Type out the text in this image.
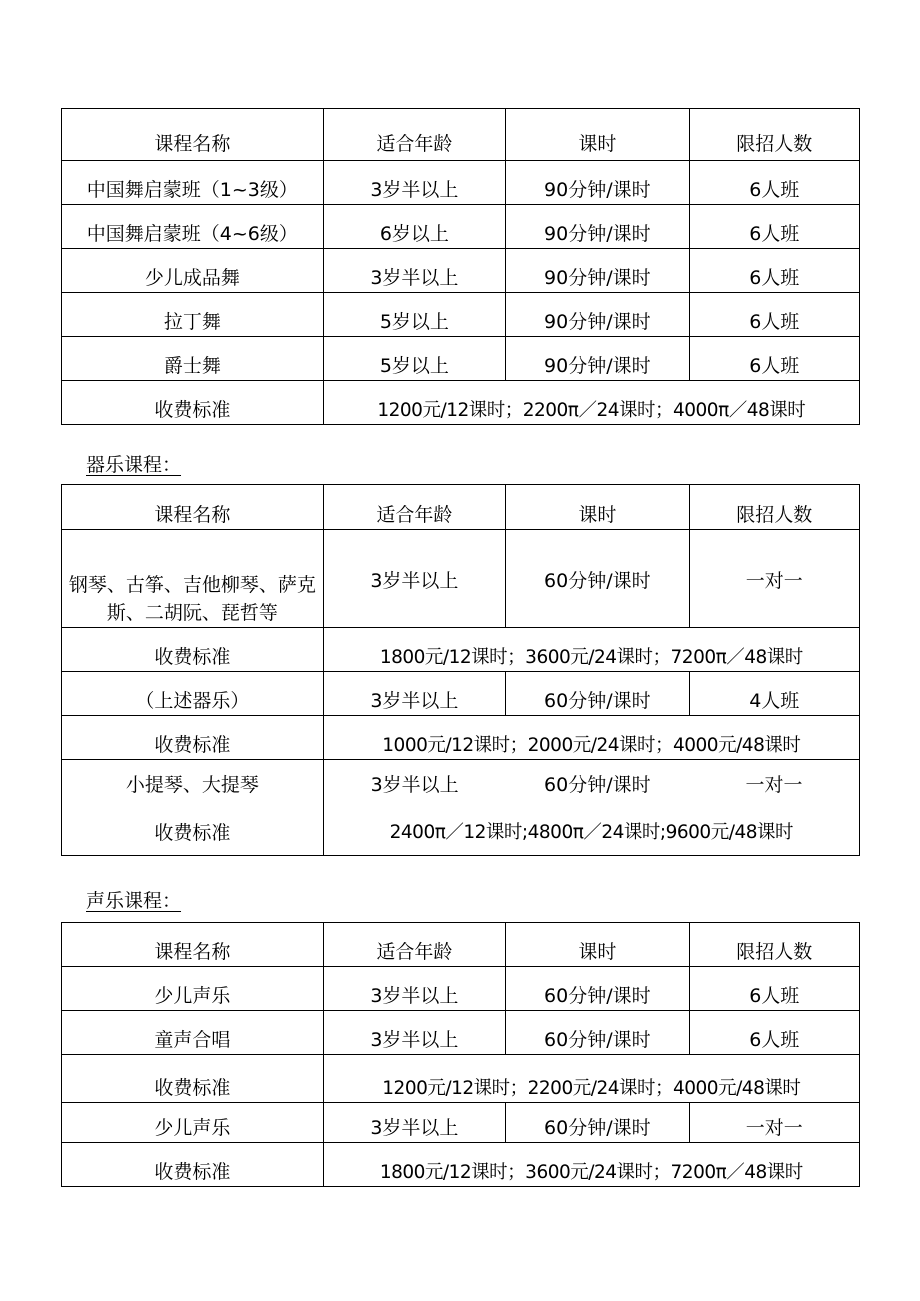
课程名称	适合年龄	课时	限招人数
中国舞启蒙班（1~3级）	3岁半以上	90分钟/课时	6人班
中国舞启蒙班（4~6级）	6岁以上	90分钟/课时	6人班
少儿成品舞	3岁半以上	90分钟/课时	6人班
拉丁舞	5岁以上	90分钟/课时	6人班
爵士舞	5岁以上	90分钟/课时	6人班
收费标准	1200元/12课时；2200π／24课时；4000π／48课时		
器乐课程：
课程名称	适合年龄	课时	限招人数
钢琴、古筝、吉他柳琴、萨克斯、二胡阮、琵哲等	3岁半以上	60分钟/课时	一对一
收费标准	1800元/12课时；3600元/24课时；7200π／48课时		
（上述器乐）	3岁半以上	60分钟/课时	4人班
收费标准	1000元/12课时；2000元/24课时；4000元/48课时		
小提琴、大提琴	3岁半以上	60分钟/课时	一对一
收费标准	2400π／12课时;4800π／24课时;9600元/48课时		
声乐课程：
课程名称	适合年龄	课时	限招人数
少儿声乐	3岁半以上	60分钟/课时	6人班
童声合唱	3岁半以上	60分钟/课时	6人班
收费标准	1200元/12课时；2200元/24课时；4000元/48课时		
少儿声乐	3岁半以上	60分钟/课时	一对一
收费标准	1800元/12课时；3600元/24课时；7200π／48课时		
